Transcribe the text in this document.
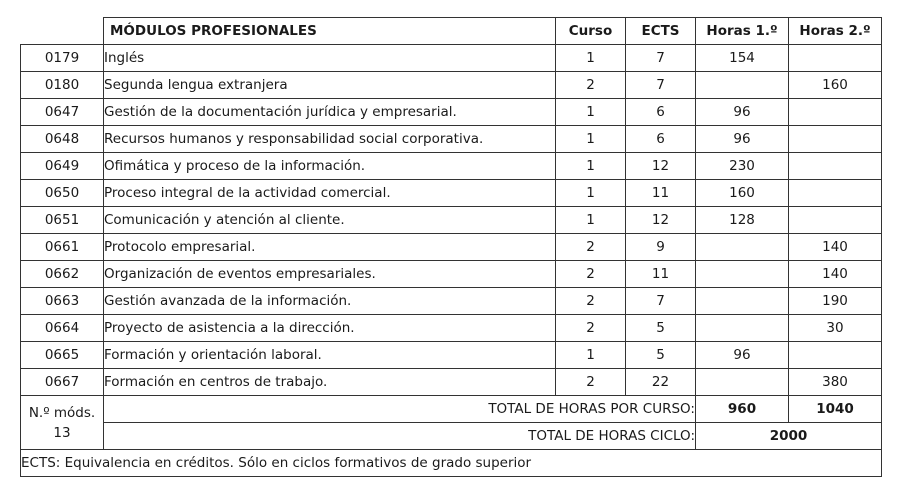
	MÓDULOS PROFESIONALES	Curso	ECTS	Horas 1.º	Horas 2.º
0179	Inglés	1	7	154	
0180	Segunda lengua extranjera	2	7		160
0647	Gestión de la documentación jurídica y empresarial.	1	6	96	
0648	Recursos humanos y responsabilidad social corporativa.	1	6	96	
0649	Ofimática y proceso de la información.	1	12	230	
0650	Proceso integral de la actividad comercial.	1	11	160	
0651	Comunicación y atención al cliente.	1	12	128	
0661	Protocolo empresarial.	2	9		140
0662	Organización de eventos empresariales.	2	11		140
0663	Gestión avanzada de la información.	2	7		190
0664	Proyecto de asistencia a la dirección.	2	5		30
0665	Formación y orientación laboral.	1	5	96	
0667	Formación en centros de trabajo.	2	22		380
N.º móds.
13	TOTAL DE HORAS POR CURSO:			960	1040
	TOTAL DE HORAS CICLO:			2000	
ECTS: Equivalencia en créditos. Sólo en ciclos formativos de grado superior					
